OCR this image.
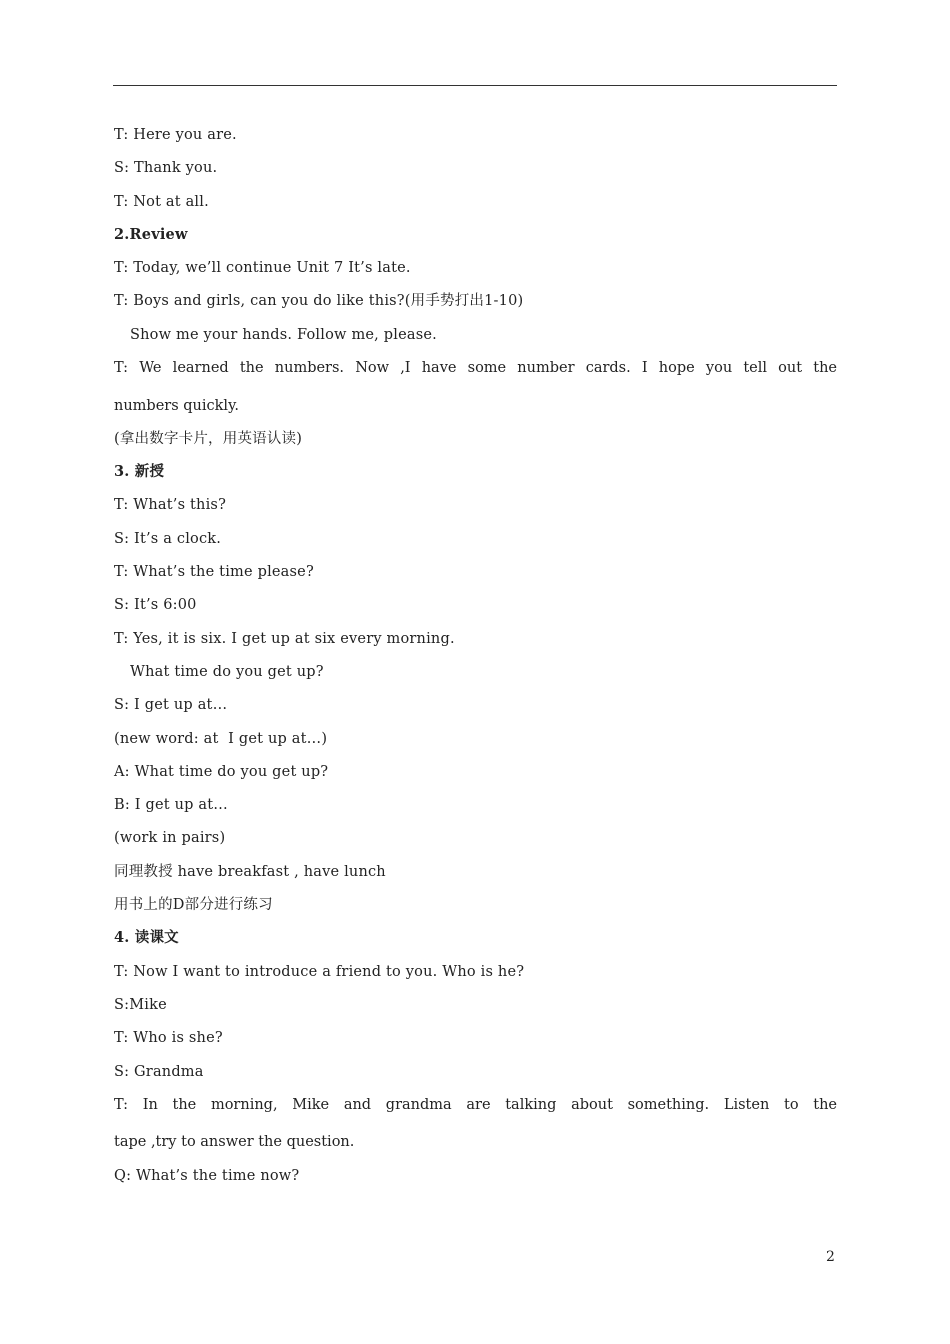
T: Here you are.
S: Thank you.
T: Not at all.
2.Review
T: Today, we’ll continue Unit 7 It’s late.
T: Boys and girls, can you do like this?(用手势打出1-10)
Show me your hands. Follow me, please.
T: We learned the numbers. Now ,I have some number cards. I hope you tell out the
numbers quickly.
(拿出数字卡片，用英语认读)
3. 新授
T: What’s this?
S: It’s a clock.
T: What’s the time please?
S: It’s 6:00
T: Yes, it is six. I get up at six every morning.
What time do you get up?
S: I get up at…
(new word: at  I get up at…)
A: What time do you get up?
B: I get up at…
(work in pairs)
同理教授 have breakfast , have lunch
用书上的D部分进行练习
4. 读课文
T: Now I want to introduce a friend to you. Who is he?
S:Mike
T: Who is she?
S: Grandma
T: In the morning, Mike and grandma are talking about something. Listen to the
tape ,try to answer the question.
Q: What’s the time now?
2
